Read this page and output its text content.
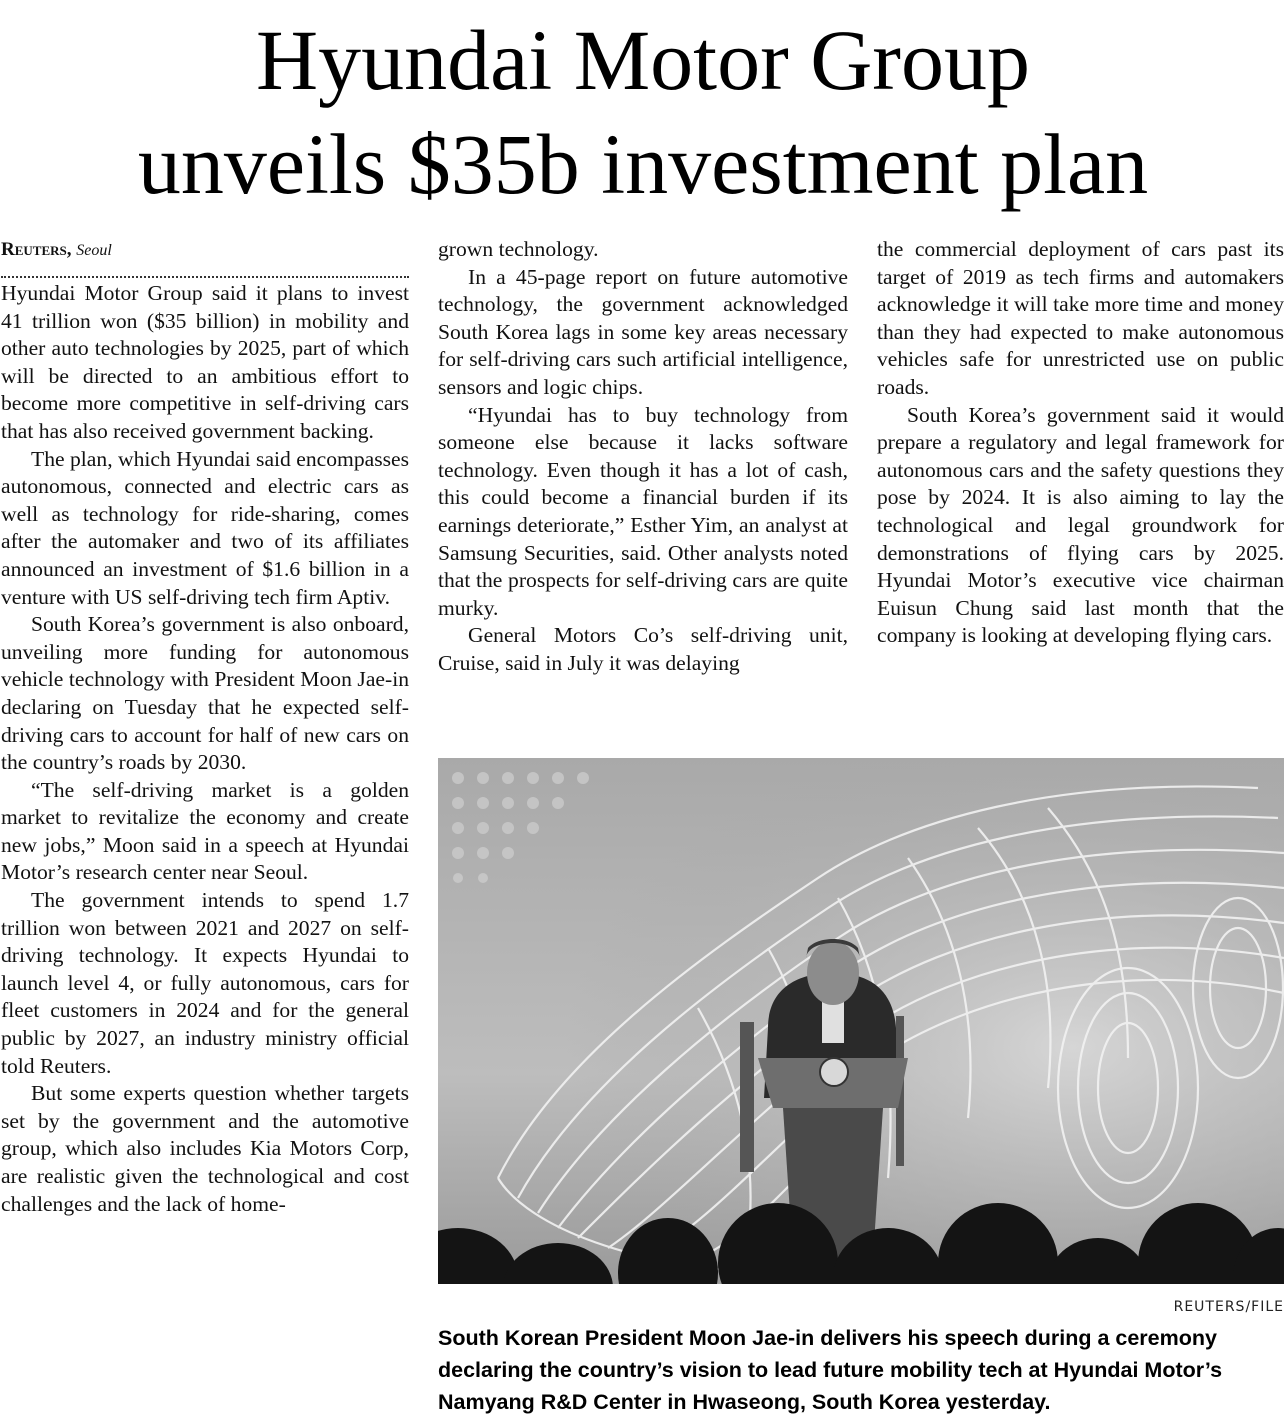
Hyundai Motor Group
unveils $35b investment plan

Reuters, Seoul

Hyundai Motor Group said it plans to invest 41 trillion won ($35 billion) in mobility and other auto technologies by 2025, part of which will be directed to an ambitious effort to become more competitive in self-driving cars that has also received government backing.

The plan, which Hyundai said encompasses autonomous, connected and electric cars as well as technology for ride-sharing, comes after the automaker and two of its affiliates announced an investment of $1.6 billion in a venture with US self-driving tech firm Aptiv.

South Korea’s government is also onboard, unveiling more funding for autonomous vehicle technology with President Moon Jae-in declaring on Tuesday that he expected self-driving cars to account for half of new cars on the country’s roads by 2030.

“The self-driving market is a golden market to revitalize the economy and create new jobs,” Moon said in a speech at Hyundai Motor’s research center near Seoul.

The government intends to spend 1.7 trillion won between 2021 and 2027 on self-driving technology. It expects Hyundai to launch level 4, or fully autonomous, cars for fleet customers in 2024 and for the general public by 2027, an industry ministry official told Reuters.

But some experts question whether targets set by the government and the automotive group, which also includes Kia Motors Corp, are realistic given the technological and cost challenges and the lack of home-

grown technology.

In a 45-page report on future automotive technology, the government acknowledged South Korea lags in some key areas necessary for self-driving cars such artificial intelligence, sensors and logic chips.

“Hyundai has to buy technology from someone else because it lacks software technology. Even though it has a lot of cash, this could become a financial burden if its earnings deteriorate,” Esther Yim, an analyst at Samsung Securities, said. Other analysts noted that the prospects for self-driving cars are quite murky.

General Motors Co’s self-driving unit, Cruise, said in July it was delaying

the commercial deployment of cars past its target of 2019 as tech firms and automakers acknowledge it will take more time and money than they had expected to make autonomous vehicles safe for unrestricted use on public roads.

South Korea’s government said it would prepare a regulatory and legal framework for autonomous cars and the safety questions they pose by 2024. It is also aiming to lay the technological and legal groundwork for demonstrations of flying cars by 2025. Hyundai Motor’s executive vice chairman Euisun Chung said last month that the company is looking at developing flying cars.

REUTERS/FILE

South Korean President Moon Jae-in delivers his speech during a ceremony declaring the country’s vision to lead future mobility tech at Hyundai Motor’s Namyang R&D Center in Hwaseong, South Korea yesterday.
